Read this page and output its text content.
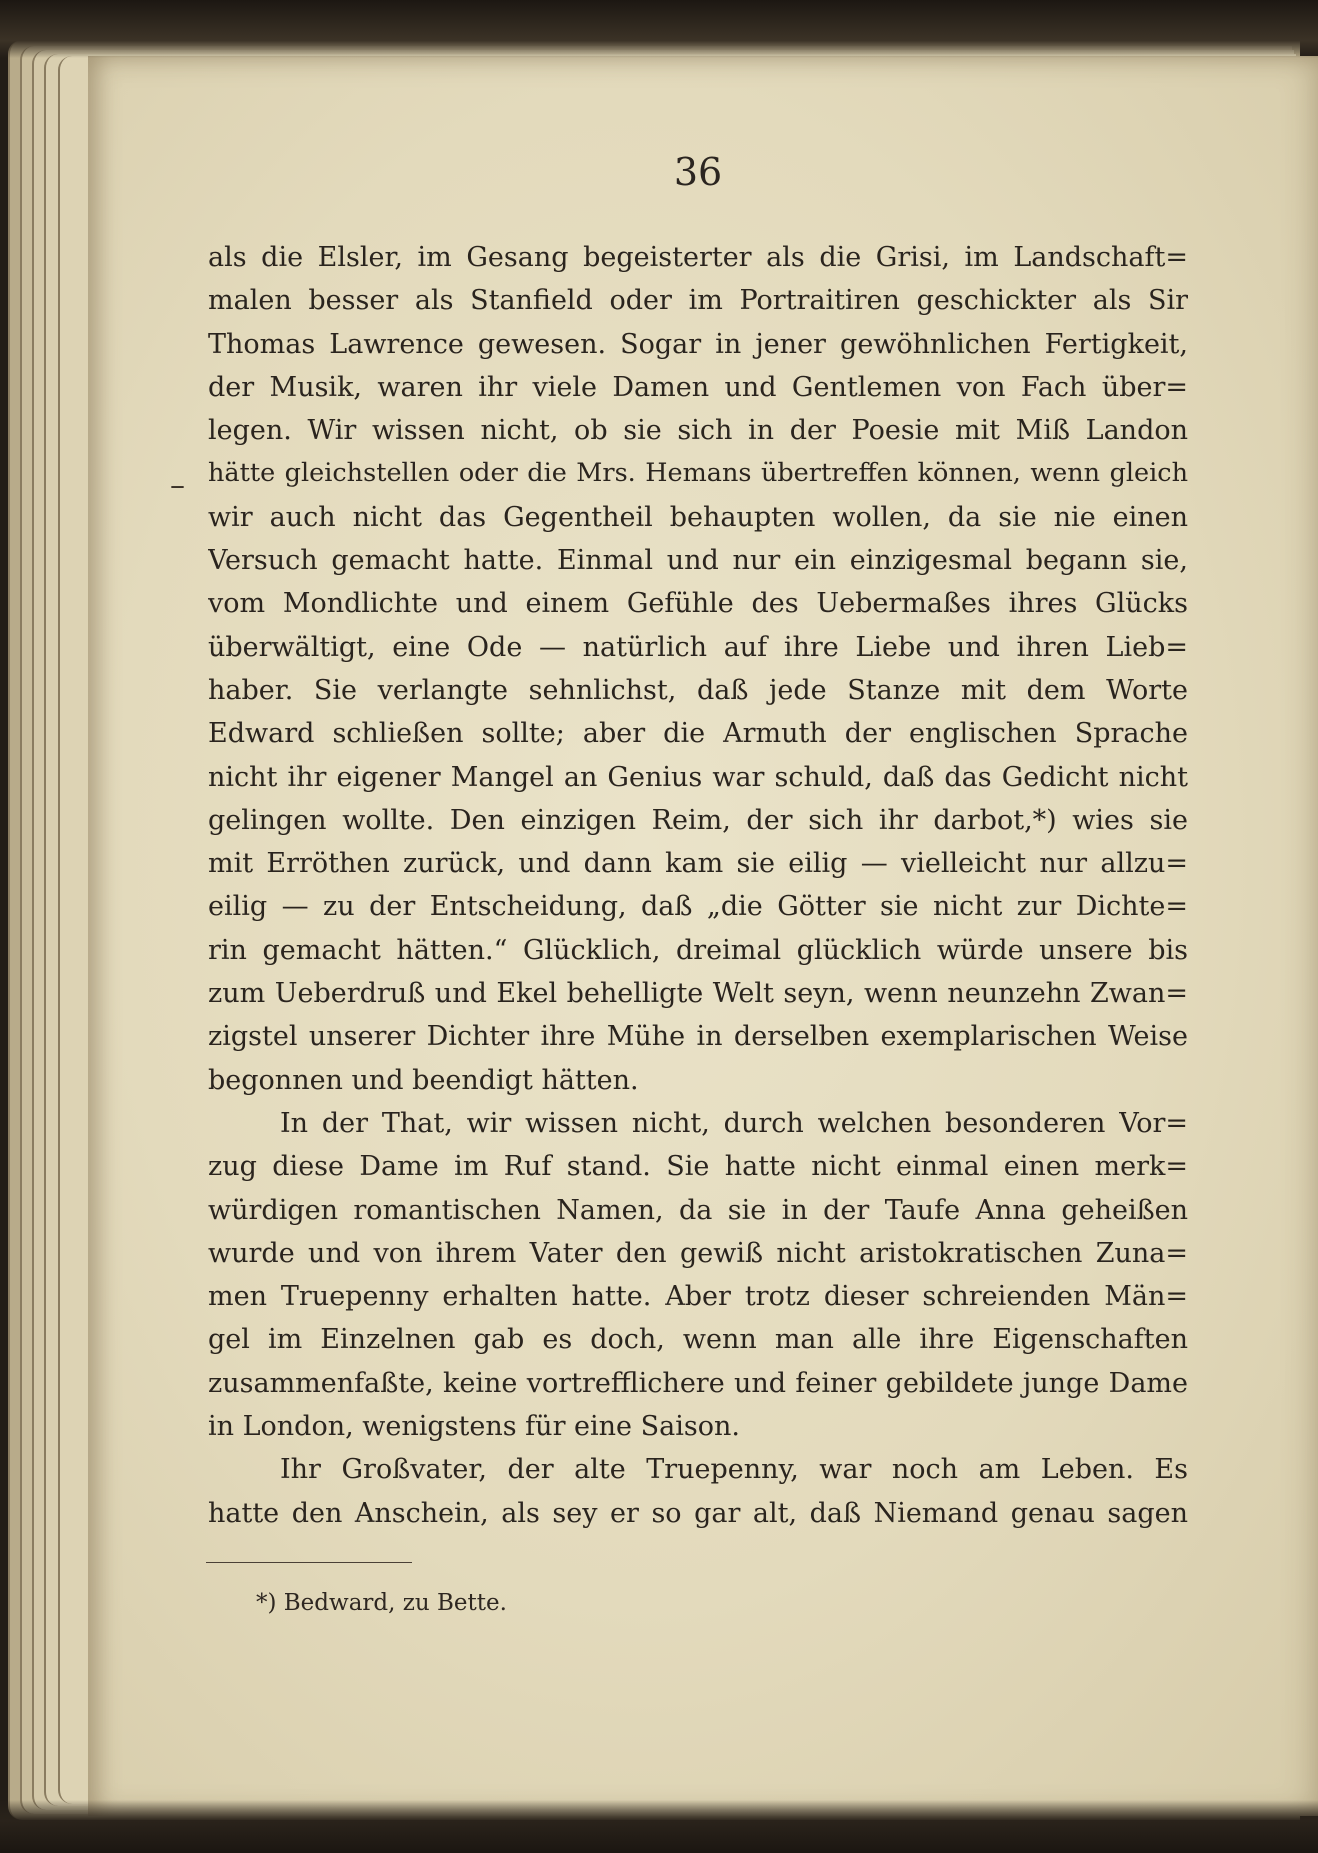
36
–
als die Elsler, im Gesang begeisterter als die Grisi, im Landschaft=
malen besser als Stanfield oder im Portraitiren geschickter als Sir
Thomas Lawrence gewesen. Sogar in jener gewöhnlichen Fertigkeit,
der Musik, waren ihr viele Damen und Gentlemen von Fach über=
legen. Wir wissen nicht, ob sie sich in der Poesie mit Miß Landon
hätte gleichstellen oder die Mrs. Hemans übertreffen können, wenn gleich
wir auch nicht das Gegentheil behaupten wollen, da sie nie einen
Versuch gemacht hatte. Einmal und nur ein einzigesmal begann sie,
vom Mondlichte und einem Gefühle des Uebermaßes ihres Glücks
überwältigt, eine Ode — natürlich auf ihre Liebe und ihren Lieb=
haber. Sie verlangte sehnlichst, daß jede Stanze mit dem Worte
Edward schließen sollte; aber die Armuth der englischen Sprache
nicht ihr eigener Mangel an Genius war schuld, daß das Gedicht nicht
gelingen wollte. Den einzigen Reim, der sich ihr darbot,*) wies sie
mit Erröthen zurück, und dann kam sie eilig — vielleicht nur allzu=
eilig — zu der Entscheidung, daß „die Götter sie nicht zur Dichte=
rin gemacht hätten.“ Glücklich, dreimal glücklich würde unsere bis
zum Ueberdruß und Ekel behelligte Welt seyn, wenn neunzehn Zwan=
zigstel unserer Dichter ihre Mühe in derselben exemplarischen Weise
begonnen und beendigt hätten.
In der That, wir wissen nicht, durch welchen besonderen Vor=
zug diese Dame im Ruf stand. Sie hatte nicht einmal einen merk=
würdigen romantischen Namen, da sie in der Taufe Anna geheißen
wurde und von ihrem Vater den gewiß nicht aristokratischen Zuna=
men Truepenny erhalten hatte. Aber trotz dieser schreienden Män=
gel im Einzelnen gab es doch, wenn man alle ihre Eigenschaften
zusammenfaßte, keine vortrefflichere und feiner gebildete junge Dame
in London, wenigstens für eine Saison.
Ihr Großvater, der alte Truepenny, war noch am Leben. Es
hatte den Anschein, als sey er so gar alt, daß Niemand genau sagen
*) Bedward, zu Bette.
